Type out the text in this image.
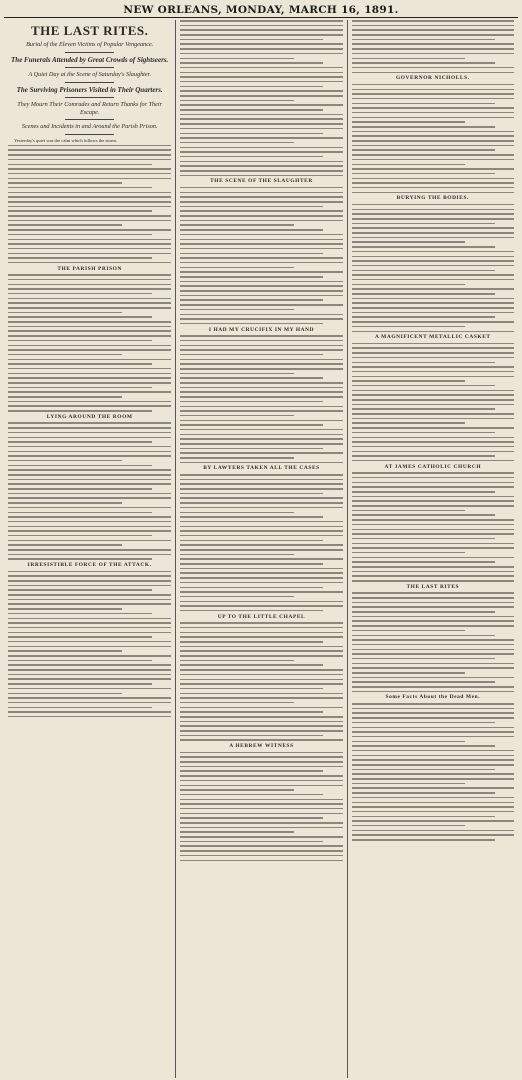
NEW ORLEANS, MONDAY, MARCH 16, 1891.
THE LAST RITES.
Burial of the Eleven Victims of Popular Vengeance.
The Funerals Attended by Great Crowds of Sightseers.
A Quiet Day at the Scene of Saturday's Slaughter.
The Surviving Prisoners Visited in Their Quarters.
They Mourn Their Comrades and Return Thanks for Their Escape.
Scenes and Incidents in and Around the Parish Prison.

Yesterday's quiet was the calm which follows the storm.

THE PARISH PRISON
LYING AROUND THE ROOM
IRRESISTIBLE FORCE OF THE ATTACK.
THE SCENE OF THE SLAUGHTER
I HAD MY CRUCIFIX IN MY HAND
BY LAWYERS TAKEN ALL THE CASES
UP TO THE LITTLE CHAPEL
A HEBREW WITNESS
GOVERNOR NICHOLLS.
BURYING THE BODIES.
A MAGNIFICENT METALLIC CASKET
AT JAMES CATHOLIC CHURCH
THE LAST RITES
Some Facts About the Dead Men.
